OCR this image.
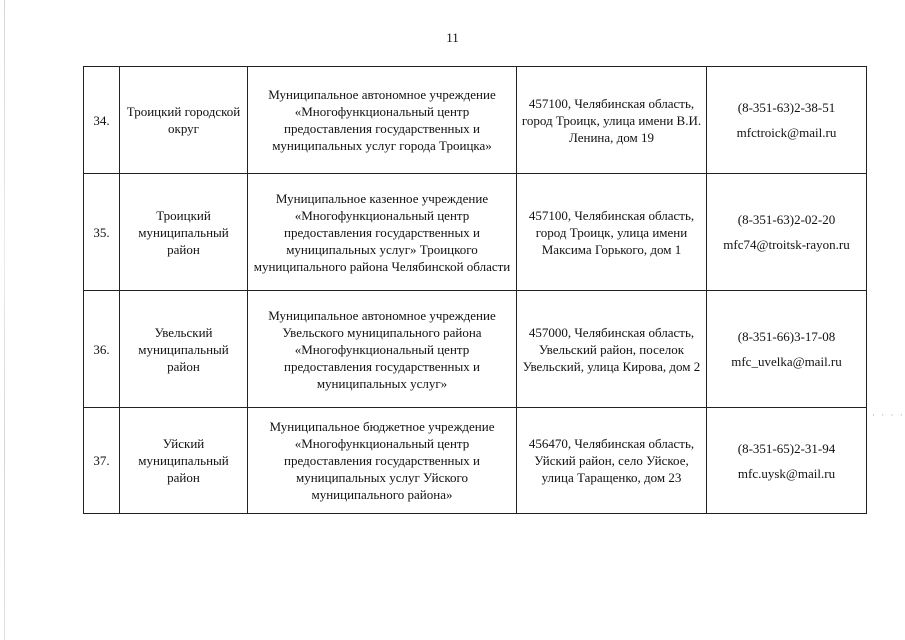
11
34.	Троицкий городской округ	Муниципальное автономное учреждение «Многофункциональный центр предоставления государственных и муниципальных услуг города Троицка»	457100, Челябинская область, город Троицк, улица имени В.И. Ленина, дом 19	(8-351-63)2-38-51
mfctroick@mail.ru

35.	Троицкий муниципальный район	Муниципальное казенное учреждение «Многофункциональный центр предоставления государственных и муниципальных услуг» Троицкого муниципального района Челябинской области	457100, Челябинская область, город Троицк, улица имени Максима Горького, дом 1	(8-351-63)2-02-20
mfc74@troitsk-rayon.ru

36.	Увельский муниципальный район	Муниципальное автономное учреждение Увельского муниципального района «Многофункциональный центр предоставления государственных и муниципальных услуг»	457000, Челябинская область, Увельский район, поселок Увельский, улица Кирова, дом 2	(8-351-66)3-17-08
mfc_uvelka@mail.ru

37.	Уйский муниципальный район	Муниципальное бюджетное учреждение «Многофункциональный центр предоставления государственных и муниципальных услуг Уйского муниципального района»	456470, Челябинская область, Уйский район, село Уйское, улица Таращенко, дом 23	(8-351-65)2-31-94
mfc.uysk@mail.ru
· · · ·
